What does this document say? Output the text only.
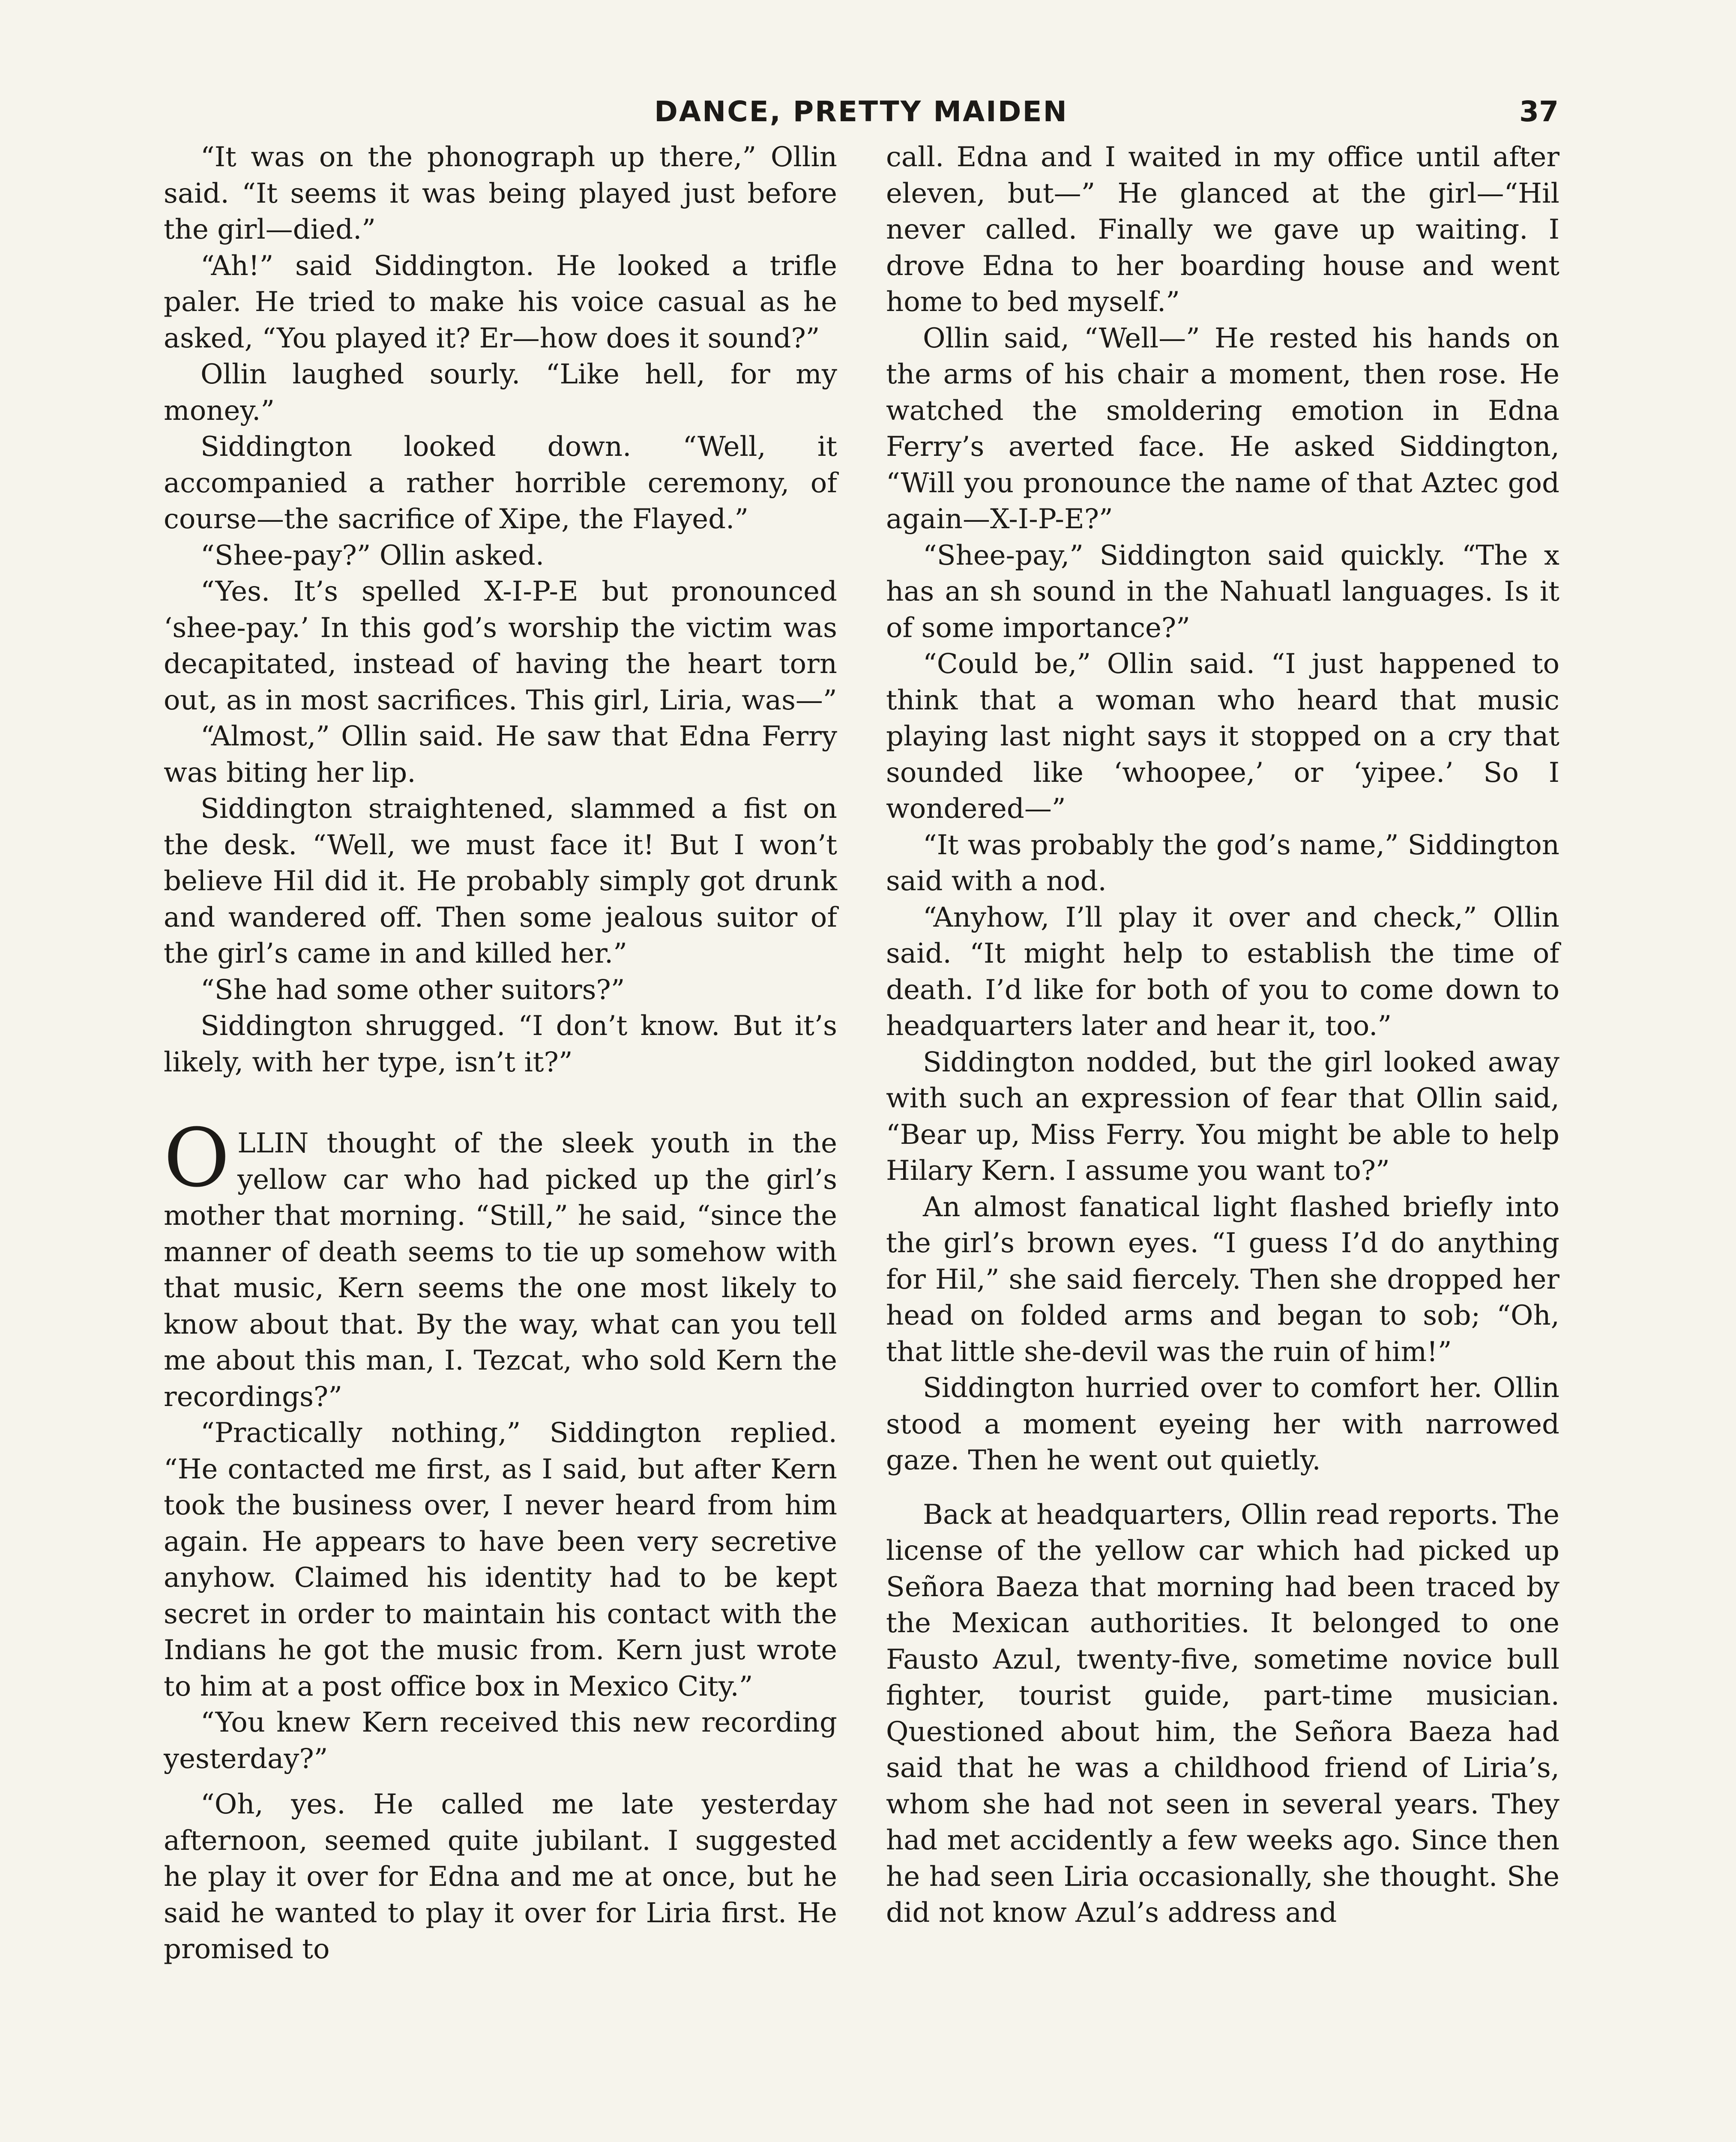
DANCE, PRETTY MAIDEN	37

“It was on the phonograph up there,” Ollin said. “It seems it was being played just before the girl—died.”

“Ah!” said Siddington. He looked a trifle paler. He tried to make his voice casual as he asked, “You played it? Er—how does it sound?”

Ollin laughed sourly. “Like hell, for my money.”

Siddington looked down. “Well, it accompanied a rather horrible ceremony, of course—the sacrifice of Xipe, the Flayed.”

“Shee-pay?” Ollin asked.

“Yes. It’s spelled X-I-P-E but pronounced ‘shee-pay.’ In this god’s worship the victim was decapitated, instead of having the heart torn out, as in most sacrifices. This girl, Liria, was—”

“Almost,” Ollin said. He saw that Edna Ferry was biting her lip.

Siddington straightened, slammed a fist on the desk. “Well, we must face it! But I won’t believe Hil did it. He probably simply got drunk and wandered off. Then some jealous suitor of the girl’s came in and killed her.”

“She had some other suitors?”

Siddington shrugged. “I don’t know. But it’s likely, with her type, isn’t it?”

OLLIN thought of the sleek youth in the yellow car who had picked up the girl’s mother that morning. “Still,” he said, “since the manner of death seems to tie up somehow with that music, Kern seems the one most likely to know about that. By the way, what can you tell me about this man, I. Tezcat, who sold Kern the recordings?”

“Practically nothing,” Siddington replied. “He contacted me first, as I said, but after Kern took the business over, I never heard from him again. He appears to have been very secretive anyhow. Claimed his identity had to be kept secret in order to maintain his contact with the Indians he got the music from. Kern just wrote to him at a post office box in Mexico City.”

“You knew Kern received this new recording yesterday?”

“Oh, yes. He called me late yesterday afternoon, seemed quite jubilant. I suggested he play it over for Edna and me at once, but he said he wanted to play it over for Liria first. He promised to

call. Edna and I waited in my office until after eleven, but—” He glanced at the girl—“Hil never called. Finally we gave up waiting. I drove Edna to her boarding house and went home to bed myself.”

Ollin said, “Well—” He rested his hands on the arms of his chair a moment, then rose. He watched the smoldering emotion in Edna Ferry’s averted face. He asked Siddington, “Will you pronounce the name of that Aztec god again—X-I-P-E?”

“Shee-pay,” Siddington said quickly. “The x has an sh sound in the Nahuatl languages. Is it of some importance?”

“Could be,” Ollin said. “I just happened to think that a woman who heard that music playing last night says it stopped on a cry that sounded like ‘whoopee,’ or ‘yipee.’ So I wondered—”

“It was probably the god’s name,” Siddington said with a nod.

“Anyhow, I’ll play it over and check,” Ollin said. “It might help to establish the time of death. I’d like for both of you to come down to headquarters later and hear it, too.”

Siddington nodded, but the girl looked away with such an expression of fear that Ollin said, “Bear up, Miss Ferry. You might be able to help Hilary Kern. I assume you want to?”

An almost fanatical light flashed briefly into the girl’s brown eyes. “I guess I’d do anything for Hil,” she said fiercely. Then she dropped her head on folded arms and began to sob; “Oh, that little she-devil was the ruin of him!”

Siddington hurried over to comfort her. Ollin stood a moment eyeing her with narrowed gaze. Then he went out quietly.

Back at headquarters, Ollin read reports. The license of the yellow car which had picked up Señora Baeza that morning had been traced by the Mexican authorities. It belonged to one Fausto Azul, twenty-five, sometime novice bull fighter, tourist guide, part-time musician. Questioned about him, the Señora Baeza had said that he was a childhood friend of Liria’s, whom she had not seen in several years. They had met accidently a few weeks ago. Since then he had seen Liria occasionally, she thought. She did not know Azul’s address and
